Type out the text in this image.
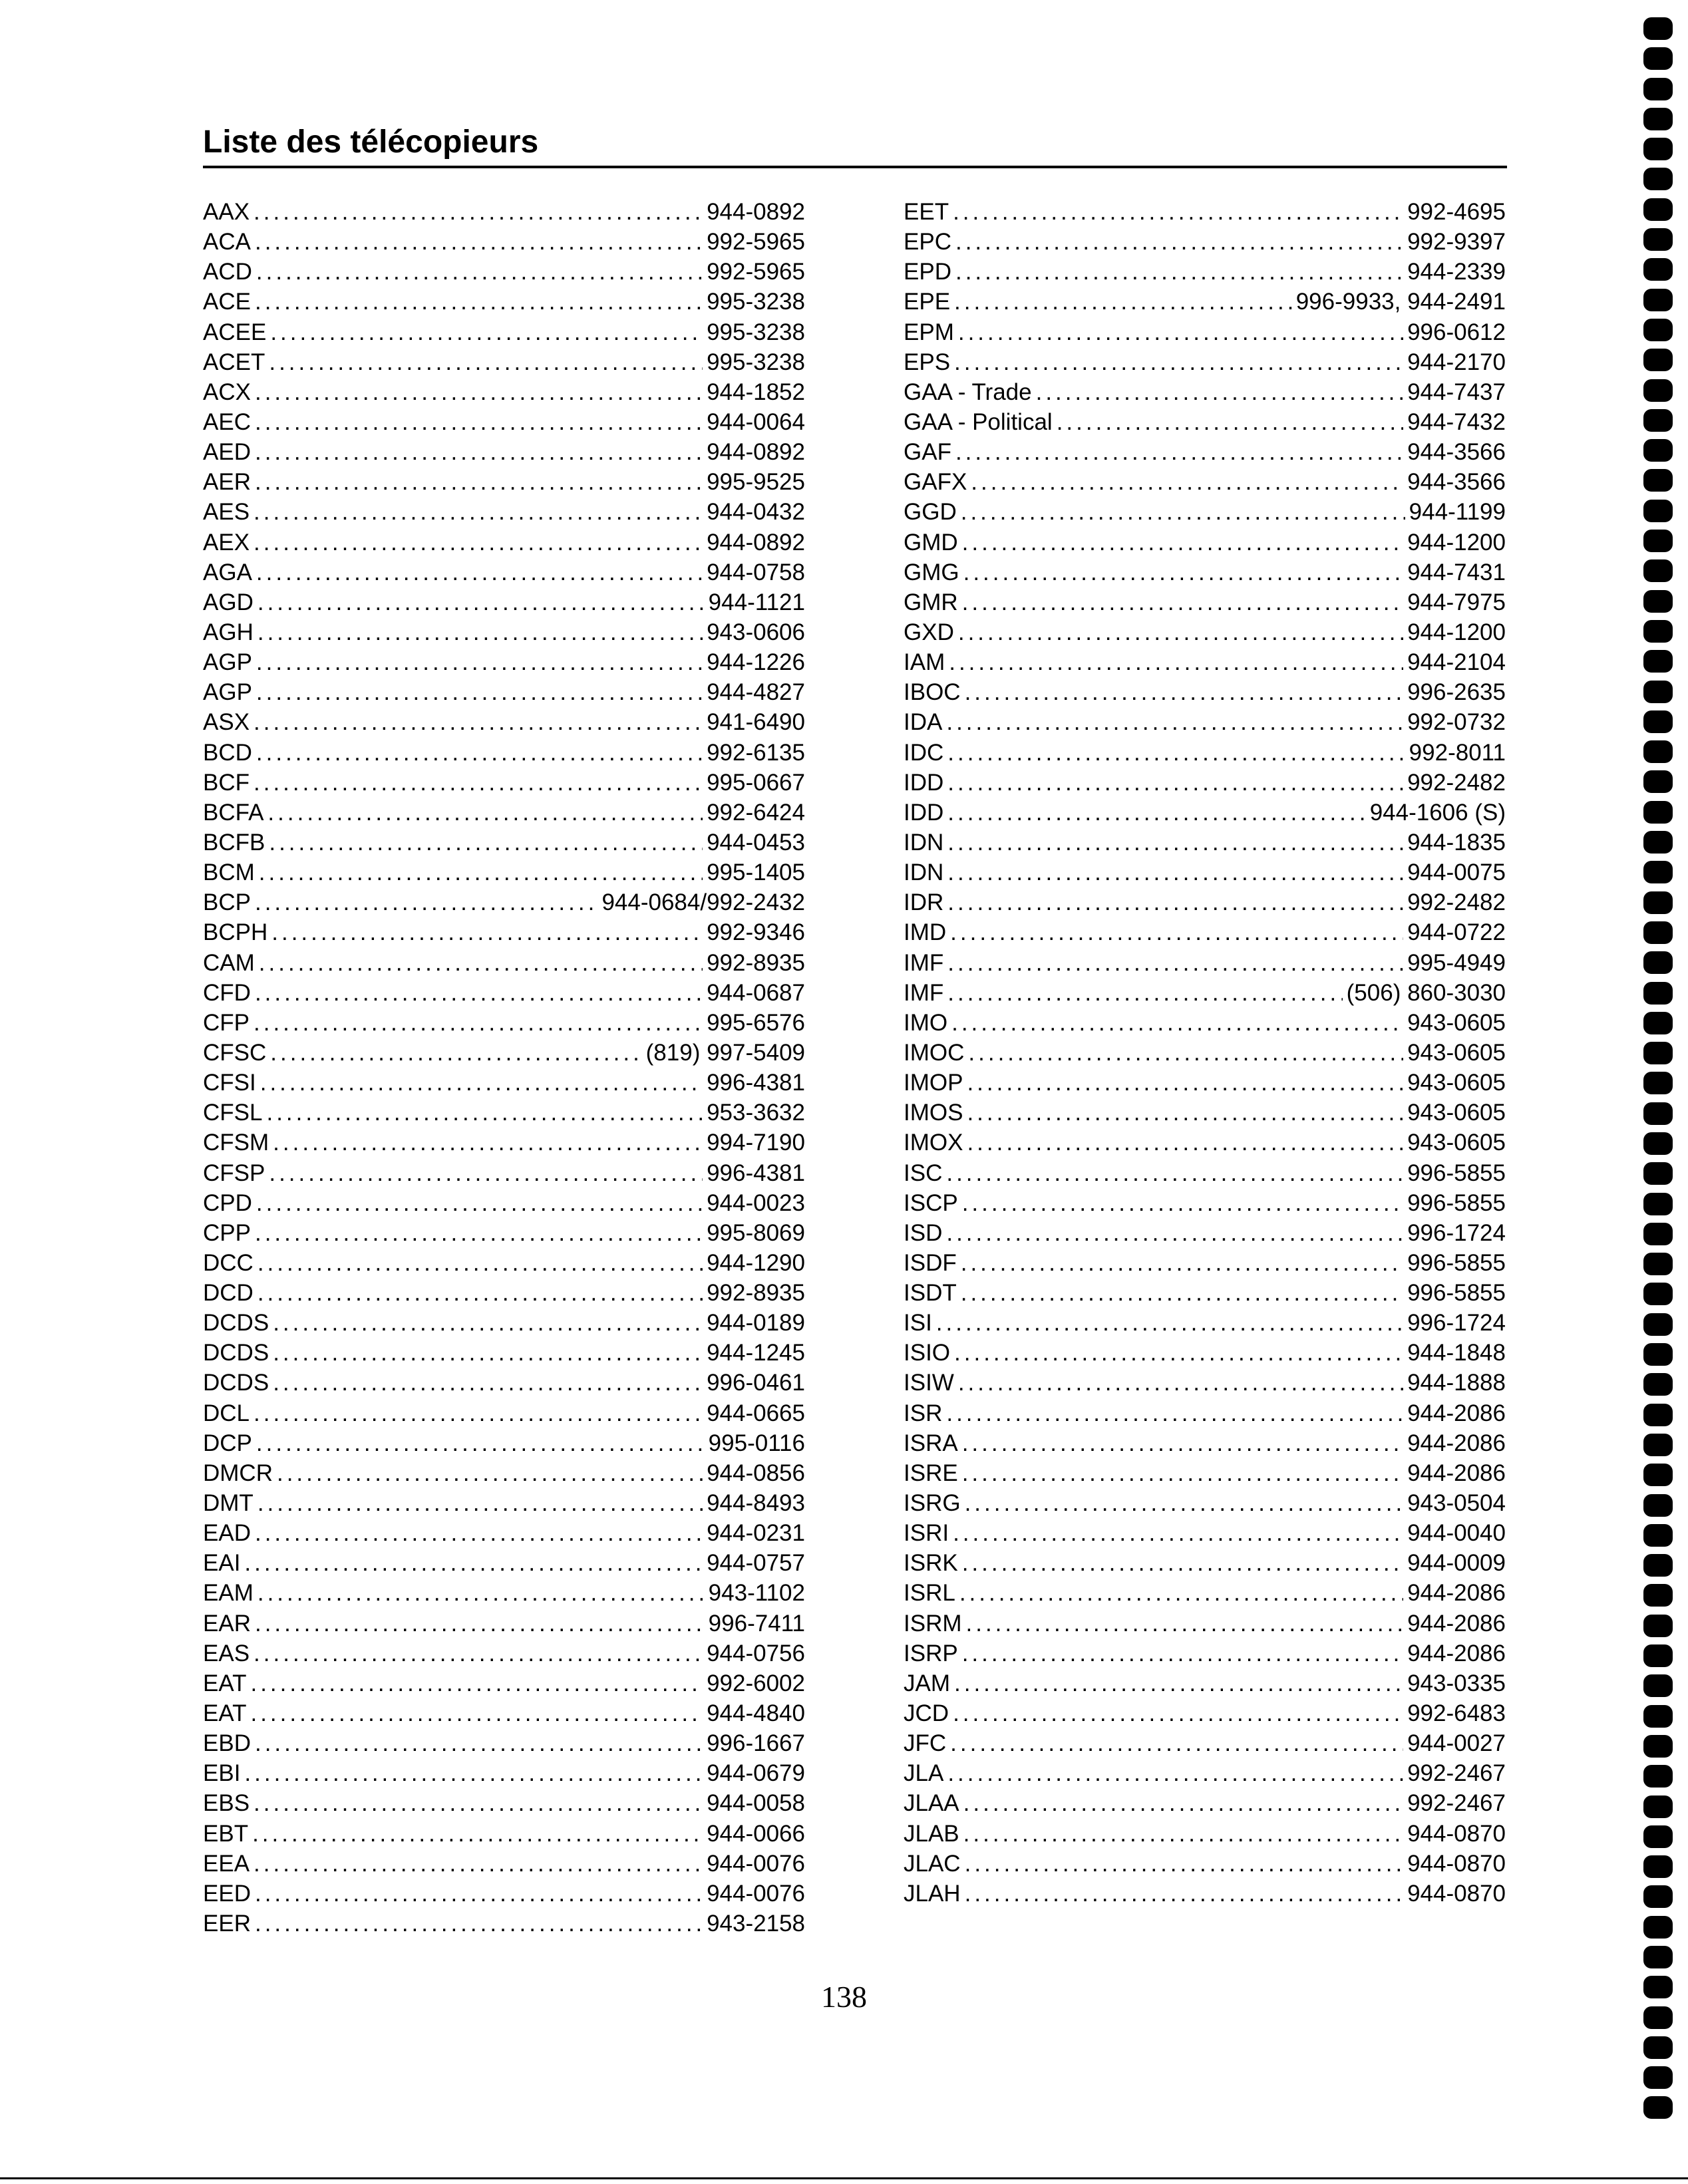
Liste des télécopieurs
AAX .....	944-0892
ACA .....	992-5965
ACD .....	992-5965
ACE .....	995-3238
ACEE .....	995-3238
ACET .....	995-3238
ACX .....	944-1852
AEC .....	944-0064
AED .....	944-0892
AER .....	995-9525
AES .....	944-0432
AEX .....	944-0892
AGA .....	944-0758
AGD .....	944-1121
AGH .....	943-0606
AGP .....	944-1226
AGP .....	944-4827
ASX .....	941-6490
BCD .....	992-6135
BCF .....	995-0667
BCFA .....	992-6424
BCFB .....	944-0453
BCM .....	995-1405
BCP .....	944-0684/992-2432
BCPH .....	992-9346
CAM .....	992-8935
CFD .....	944-0687
CFP .....	995-6576
CFSC .....	(819) 997-5409
CFSI .....	996-4381
CFSL .....	953-3632
CFSM .....	994-7190
CFSP .....	996-4381
CPD .....	944-0023
CPP .....	995-8069
DCC .....	944-1290
DCD .....	992-8935
DCDS .....	944-0189
DCDS .....	944-1245
DCDS .....	996-0461
DCL .....	944-0665
DCP .....	995-0116
DMCR .....	944-0856
DMT .....	944-8493
EAD .....	944-0231
EAI .....	944-0757
EAM .....	943-1102
EAR .....	996-7411
EAS .....	944-0756
EAT .....	992-6002
EAT .....	944-4840
EBD .....	996-1667
EBI .....	944-0679
EBS .....	944-0058
EBT .....	944-0066
EEA .....	944-0076
EED .....	944-0076
EER .....	943-2158
EET .....	992-4695
EPC .....	992-9397
EPD .....	944-2339
EPE .....	996-9933, 944-2491
EPM .....	996-0612
EPS .....	944-2170
GAA - Trade .....	944-7437
GAA - Political .....	944-7432
GAF .....	944-3566
GAFX .....	944-3566
GGD .....	944-1199
GMD .....	944-1200
GMG .....	944-7431
GMR .....	944-7975
GXD .....	944-1200
IAM .....	944-2104
IBOC .....	996-2635
IDA .....	992-0732
IDC .....	992-8011
IDD .....	992-2482
IDD .....	944-1606 (S)
IDN .....	944-1835
IDN .....	944-0075
IDR .....	992-2482
IMD .....	944-0722
IMF .....	995-4949
IMF .....	(506) 860-3030
IMO .....	943-0605
IMOC .....	943-0605
IMOP .....	943-0605
IMOS .....	943-0605
IMOX .....	943-0605
ISC .....	996-5855
ISCP .....	996-5855
ISD .....	996-1724
ISDF .....	996-5855
ISDT .....	996-5855
ISI .....	996-1724
ISIO .....	944-1848
ISIW .....	944-1888
ISR .....	944-2086
ISRA .....	944-2086
ISRE .....	944-2086
ISRG .....	943-0504
ISRI .....	944-0040
ISRK .....	944-0009
ISRL .....	944-2086
ISRM .....	944-2086
ISRP .....	944-2086
JAM .....	943-0335
JCD .....	992-6483
JFC .....	944-0027
JLA .....	992-2467
JLAA .....	992-2467
JLAB .....	944-0870
JLAC .....	944-0870
JLAH .....	944-0870
138
